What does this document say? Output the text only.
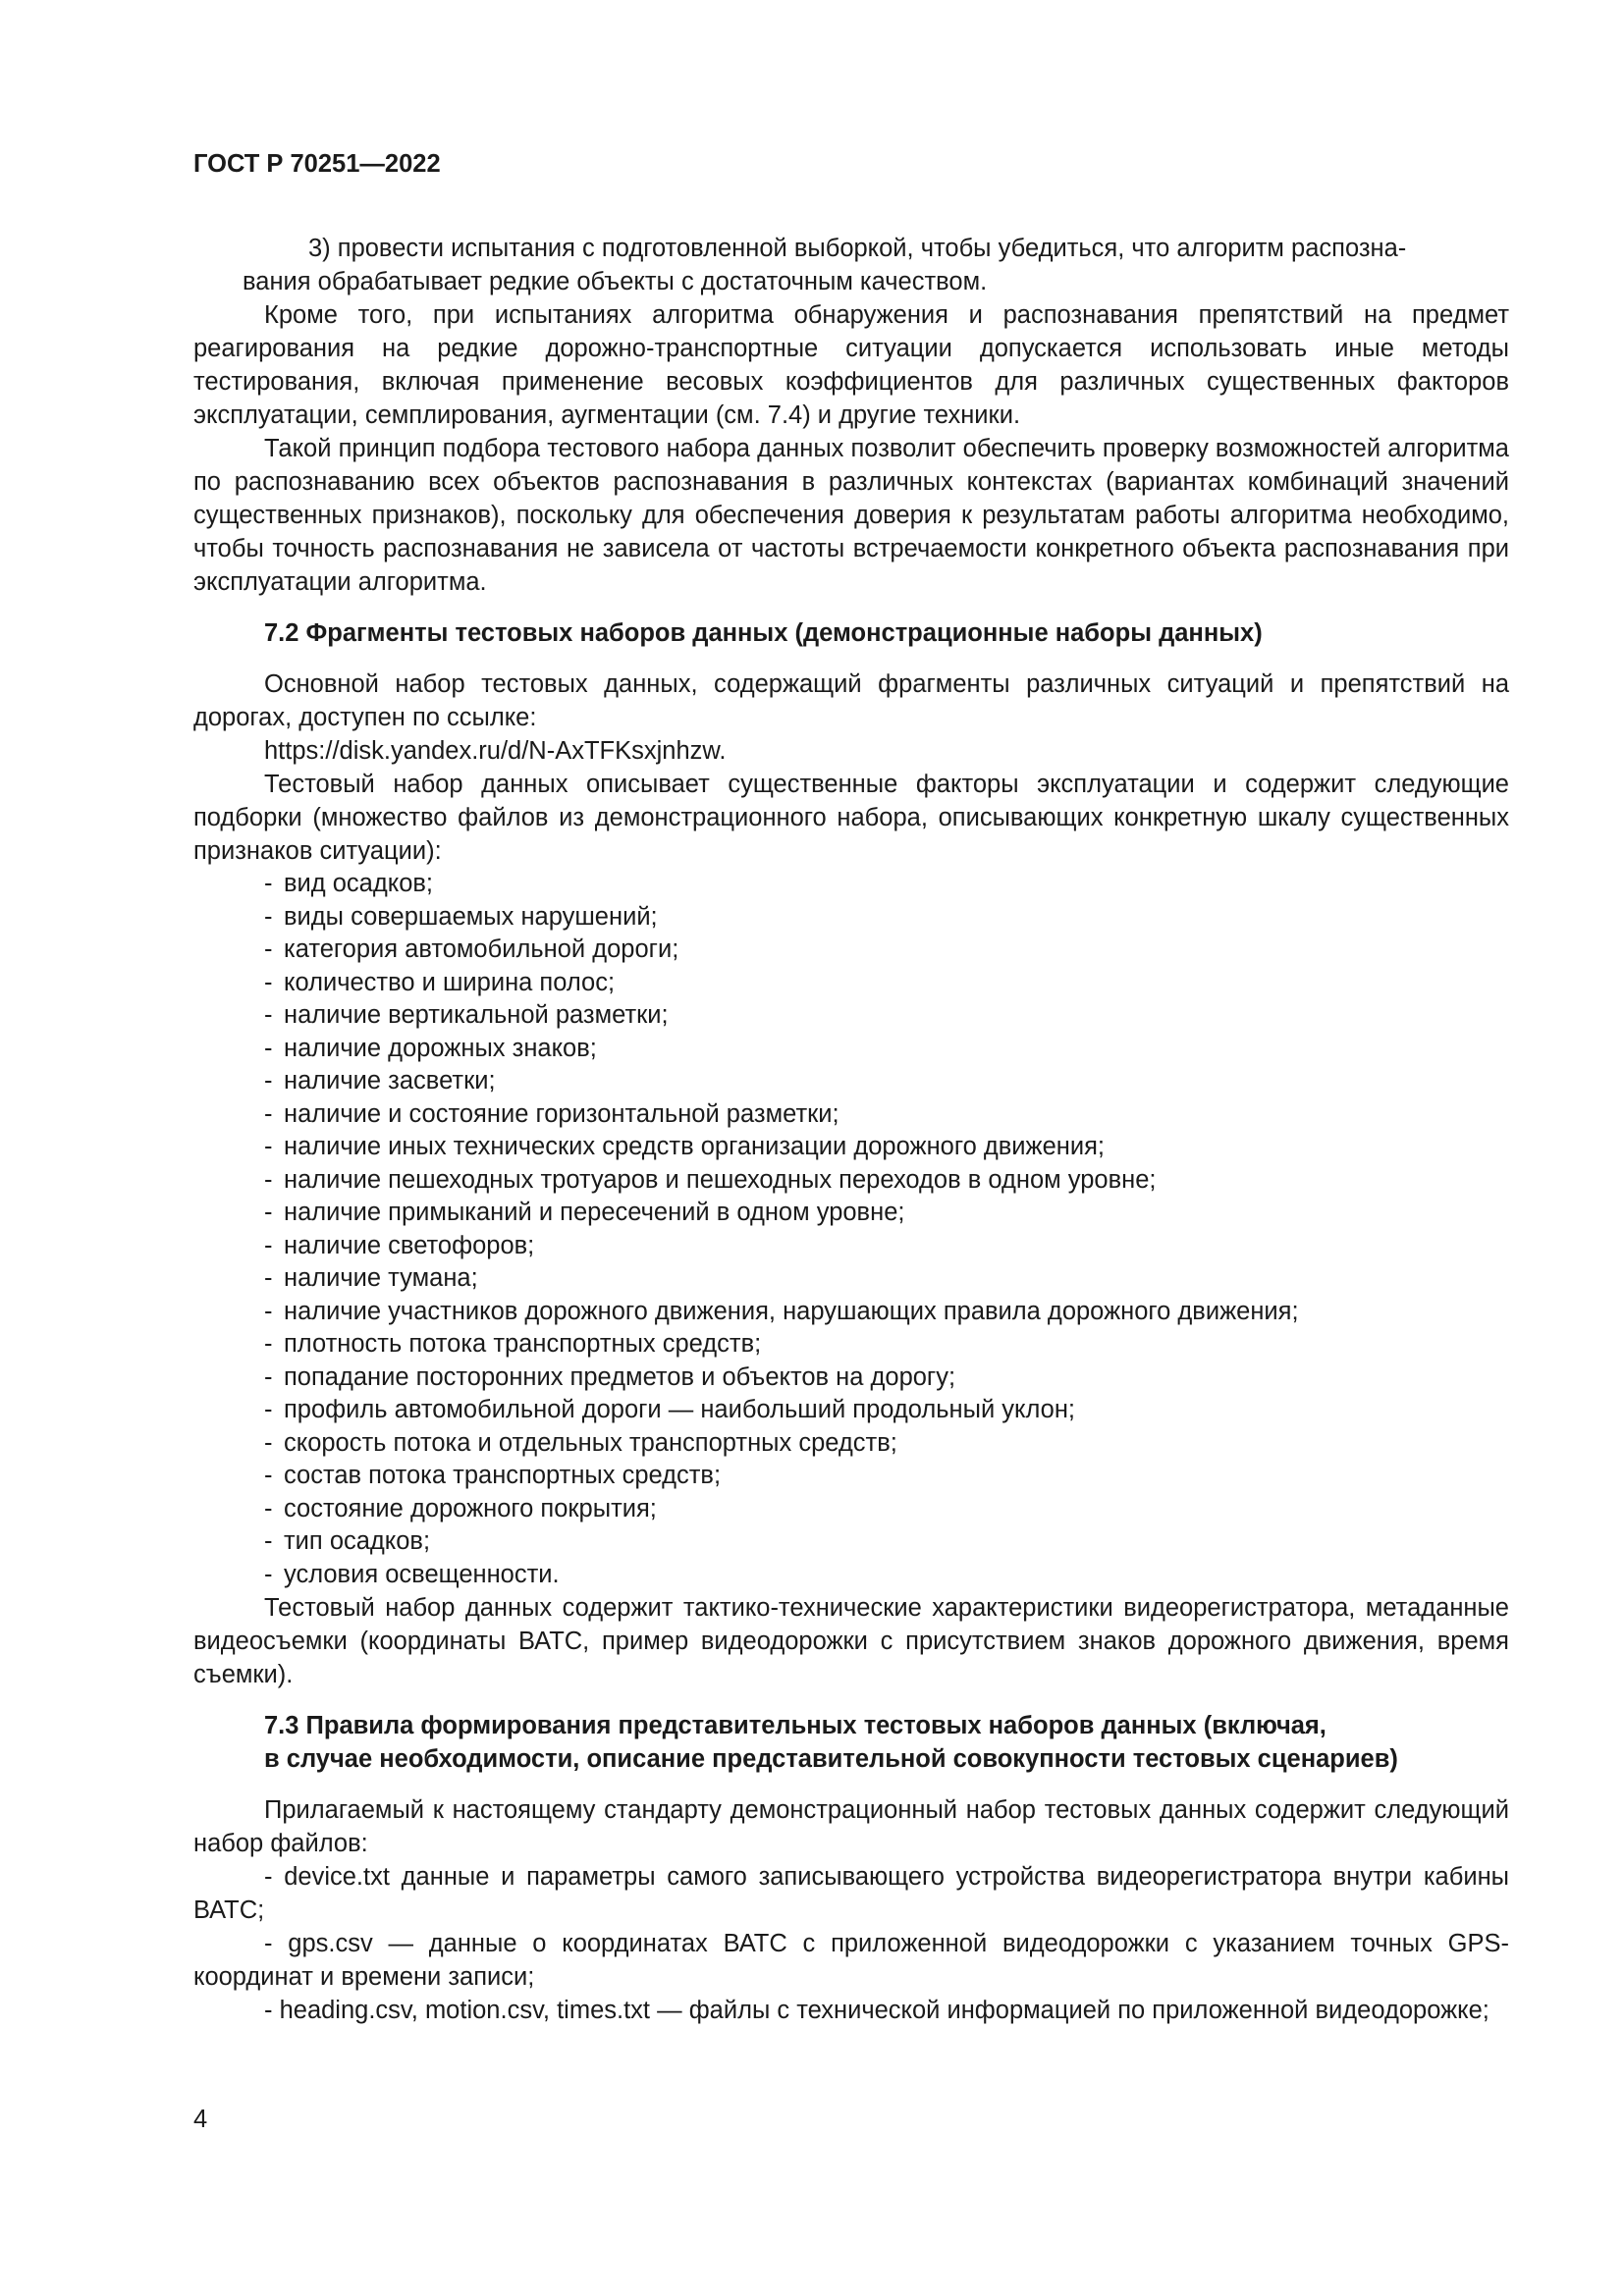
ГОСТ Р 70251—2022

3) провести испытания с подготовленной выборкой, чтобы убедиться, что алгоритм распозна-

вания обрабатывает редкие объекты с достаточным качеством.

Кроме того, при испытаниях алгоритма обнаружения и распознавания препятствий на предмет реагирования на редкие дорожно-транспортные ситуации допускается использовать иные методы тестирования, включая применение весовых коэффициентов для различных существенных факторов эксплуатации, семплирования, аугментации (см. 7.4) и другие техники.

Такой принцип подбора тестового набора данных позволит обеспечить проверку возможностей алгоритма по распознаванию всех объектов распознавания в различных контекстах (вариантах комбинаций значений существенных признаков), поскольку для обеспечения доверия к результатам работы алгоритма необходимо, чтобы точность распознавания не зависела от частоты встречаемости конкретного объекта распознавания при эксплуатации алгоритма.

7.2 Фрагменты тестовых наборов данных (демонстрационные наборы данных)

Основной набор тестовых данных, содержащий фрагменты различных ситуаций и препятствий на дорогах, доступен по ссылке:

https://disk.yandex.ru/d/N-AxTFKsxjnhzw.

Тестовый набор данных описывает существенные факторы эксплуатации и содержит следующие подборки (множество файлов из демонстрационного набора, описывающих конкретную шкалу существенных признаков ситуации):

- вид осадков;
- виды совершаемых нарушений;
- категория автомобильной дороги;
- количество и ширина полос;
- наличие вертикальной разметки;
- наличие дорожных знаков;
- наличие засветки;
- наличие и состояние горизонтальной разметки;
- наличие иных технических средств организации дорожного движения;
- наличие пешеходных тротуаров и пешеходных переходов в одном уровне;
- наличие примыканий и пересечений в одном уровне;
- наличие светофоров;
- наличие тумана;
- наличие участников дорожного движения, нарушающих правила дорожного движения;
- плотность потока транспортных средств;
- попадание посторонних предметов и объектов на дорогу;
- профиль автомобильной дороги — наибольший продольный уклон;
- скорость потока и отдельных транспортных средств;
- состав потока транспортных средств;
- состояние дорожного покрытия;
- тип осадков;
- условия освещенности.

Тестовый набор данных содержит тактико-технические характеристики видеорегистратора, метаданные видеосъемки (координаты ВАТС, пример видеодорожки с присутствием знаков дорожного движения, время съемки).

7.3 Правила формирования представительных тестовых наборов данных (включая,
в случае необходимости, описание представительной совокупности тестовых сценариев)

Прилагаемый к настоящему стандарту демонстрационный набор тестовых данных содержит следующий набор файлов:

- device.txt данные и параметры самого записывающего устройства видеорегистратора внутри кабины ВАТС;

- gps.csv — данные о координатах ВАТС с приложенной видеодорожки с указанием точных GPS-координат и времени записи;

- heading.csv, motion.csv, times.txt — файлы с технической информацией по приложенной видеодорожке;

4
